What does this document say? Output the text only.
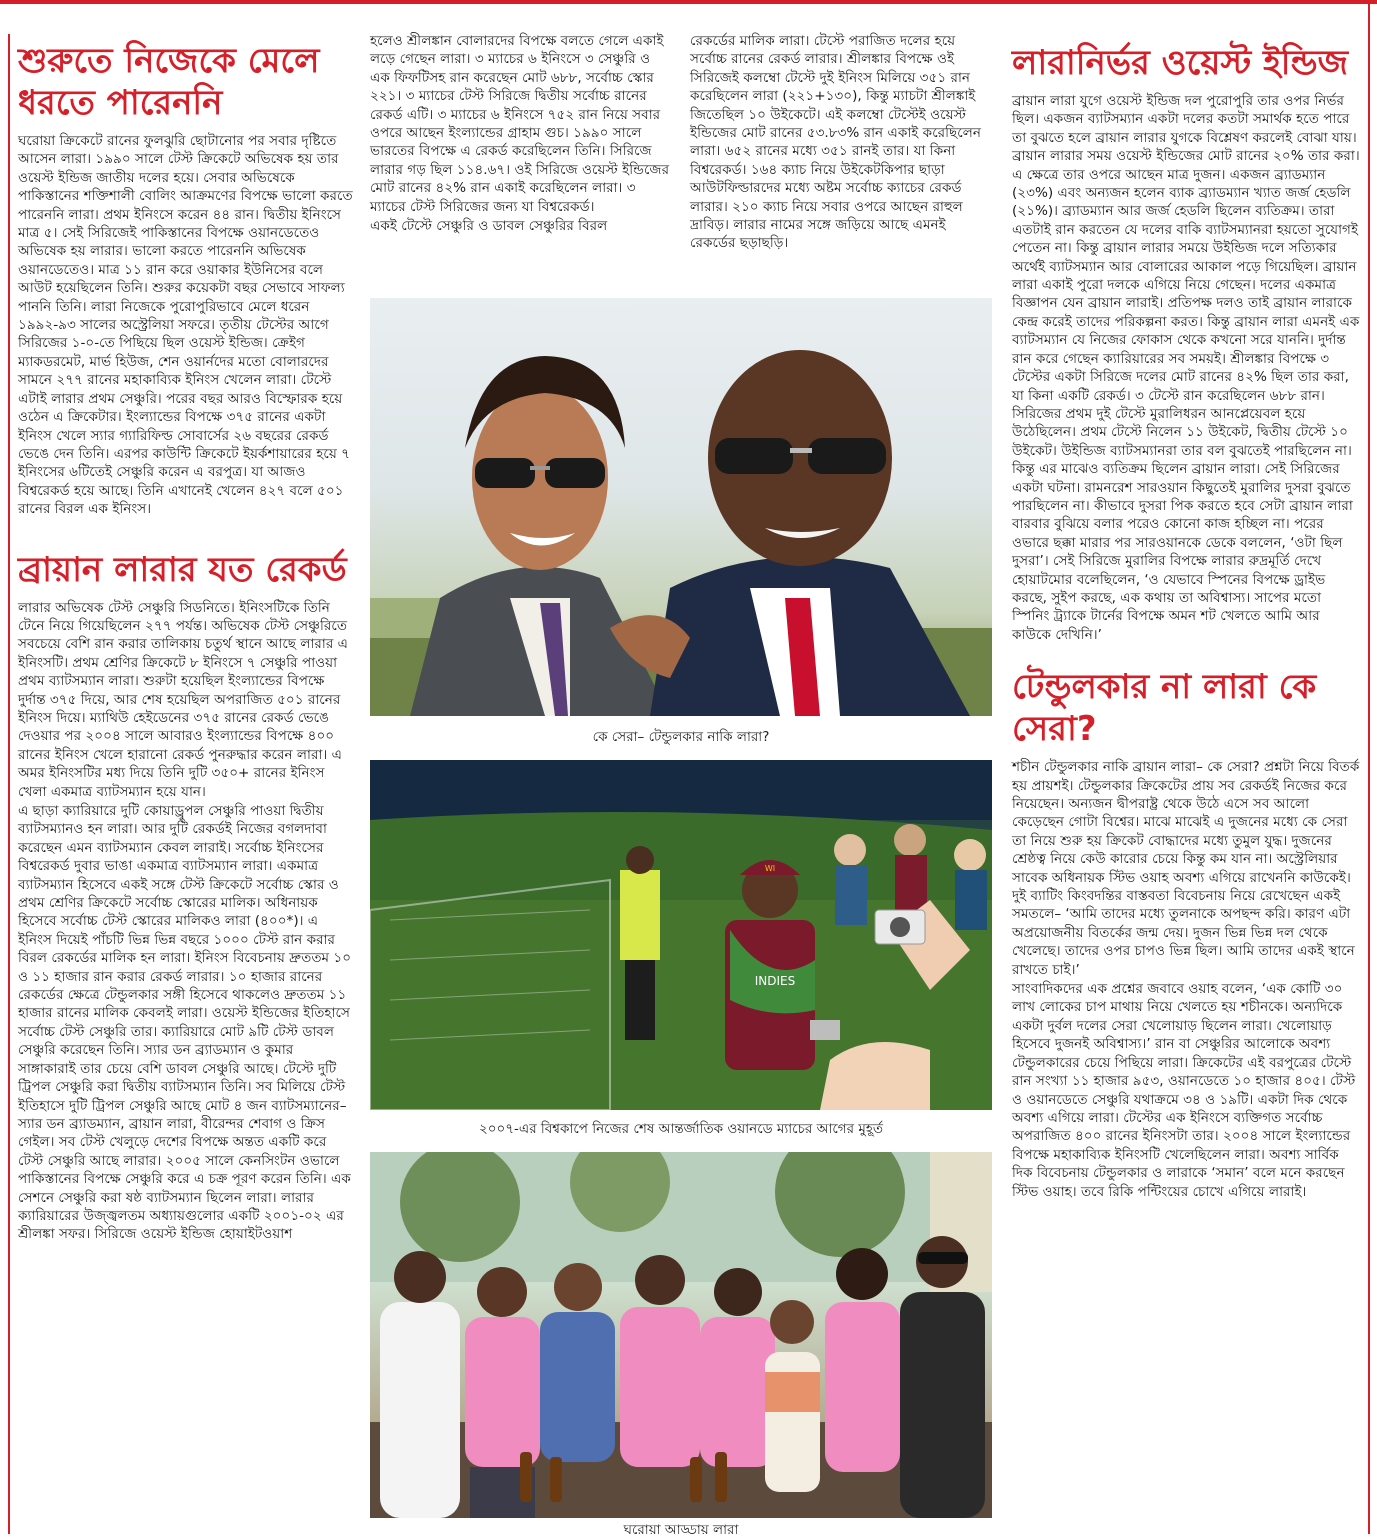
শুরুতে নিজেকে মেলে ধরতে পারেননি
ঘরোয়া ক্রিকেটে রানের ফুলঝুরি ছোটানোর পর সবার দৃষ্টিতে আসেন লারা। ১৯৯০ সালে টেস্ট ক্রিকেটে অভিষেক হয় তার ওয়েস্ট ইন্ডিজ জাতীয় দলের হয়ে। সেবার অভিষেকে পাকিস্তানের শক্তিশালী বোলিং আক্রমণের বিপক্ষে ভালো করতে পারেননি লারা। প্রথম ইনিংসে করেন ৪৪ রান। দ্বিতীয় ইনিংসে মাত্র ৫। সেই সিরিজেই পাকিস্তানের বিপক্ষে ওয়ানডেতেও অভিষেক হয় লারার। ভালো করতে পারেননি অভিষেক ওয়ানডেতেও। মাত্র ১১ রান করে ওয়াকার ইউনিসের বলে আউট হয়েছিলেন তিনি। শুরুর কয়েকটা বছর সেভাবে সাফল্য পাননি তিনি। লারা নিজেকে পুরোপুরিভাবে মেলে ধরেন ১৯৯২-৯৩ সালের অস্ট্রেলিয়া সফরে। তৃতীয় টেস্টের আগে সিরিজের ১-০-তে পিছিয়ে ছিল ওয়েস্ট ইন্ডিজ। ক্রেইগ ম্যাকডরমেট, মার্ভ হিউজ, শেন ওয়ার্নদের মতো বোলারদের সামনে ২৭৭ রানের মহাকাব্যিক ইনিংস খেলেন লারা। টেস্টে এটাই লারার প্রথম সেঞ্চুরি। পরের বছর আরও বিস্ফোরক হয়ে ওঠেন এ ক্রিকেটার। ইংল্যান্ডের বিপক্ষে ৩৭৫ রানের একটা ইনিংস খেলে স্যার গ্যারিফিল্ড সোবার্সের ২৬ বছরের রেকর্ড ভেঙে দেন তিনি। এরপর কাউন্টি ক্রিকেটে ইয়র্কশায়ারের হয়ে ৭ ইনিংসের ৬টিতেই সেঞ্চুরি করেন এ বরপুত্র। যা আজও বিশ্বরেকর্ড হয়ে আছে। তিনি এখানেই খেলেন ৪২৭ বলে ৫০১ রানের বিরল এক ইনিংস।
ব্রায়ান লারার যত রেকর্ড
লারার অভিষেক টেস্ট সেঞ্চুরি সিডনিতে। ইনিংসটিকে তিনি টেনে নিয়ে গিয়েছিলেন ২৭৭ পর্যন্ত। অভিষেক টেস্ট সেঞ্চুরিতে সবচেয়ে বেশি রান করার তালিকায় চতুর্থ স্থানে আছে লারার এ ইনিংসটি। প্রথম শ্রেণির ক্রিকেটে ৮ ইনিংসে ৭ সেঞ্চুরি পাওয়া প্রথম ব্যাটসম্যান লারা। শুরুটা হয়েছিল ইংল্যান্ডের বিপক্ষে দুর্দান্ত ৩৭৫ দিয়ে, আর শেষ হয়েছিল অপরাজিত ৫০১ রানের ইনিংস দিয়ে। ম্যাথিউ হেইডেনের ৩৭৫ রানের রেকর্ড ভেঙে দেওয়ার পর ২০০৪ সালে আবারও ইংল্যান্ডের বিপক্ষে ৪০০ রানের ইনিংস খেলে হারানো রেকর্ড পুনরুদ্ধার করেন লারা। এ অমর ইনিংসটির মধ্য দিয়ে তিনি দুটি ৩৫০+ রানের ইনিংস খেলা একমাত্র ব্যাটসম্যান হয়ে যান।
এ ছাড়া ক্যারিয়ারে দুটি কোয়াড্রুপল সেঞ্চুরি পাওয়া দ্বিতীয় ব্যাটসম্যানও হন লারা। আর দুটি রেকর্ডই নিজের বগলদাবা করেছেন এমন ব্যাটসম্যান কেবল লারাই। সর্বোচ্চ ইনিংসের বিশ্বরেকর্ড দুবার ভাঙা একমাত্র ব্যাটসম্যান লারা। একমাত্র ব্যাটসম্যান হিসেবে একই সঙ্গে টেস্ট ক্রিকেটে সর্বোচ্চ স্কোর ও প্রথম শ্রেণির ক্রিকেটে সর্বোচ্চ স্কোরের মালিক। অধিনায়ক হিসেবে সর্বোচ্চ টেস্ট স্কোরের মালিকও লারা (৪০০*)। এ ইনিংস দিয়েই পাঁচটি ভিন্ন ভিন্ন বছরে ১০০০ টেস্ট রান করার বিরল রেকর্ডের মালিক হন লারা। ইনিংস বিবেচনায় দ্রুততম ১০ ও ১১ হাজার রান করার রেকর্ড লারার। ১০ হাজার রানের রেকর্ডের ক্ষেত্রে টেন্ডুলকার সঙ্গী হিসেবে থাকলেও দ্রুততম ১১ হাজার রানের মালিক কেবলই লারা। ওয়েস্ট ইন্ডিজের ইতিহাসে সর্বোচ্চ টেস্ট সেঞ্চুরি তার। ক্যারিয়ারে মোট ৯টি টেস্ট ডাবল সেঞ্চুরি করেছেন তিনি। স্যার ডন ব্র্যাডম্যান ও কুমার সাঙ্গাকারাই তার চেয়ে বেশি ডাবল সেঞ্চুরি আছে। টেস্টে দুটি ট্রিপল সেঞ্চুরি করা দ্বিতীয় ব্যাটসম্যান তিনি। সব মিলিয়ে টেস্ট ইতিহাসে দুটি ট্রিপল সেঞ্চুরি আছে মোট ৪ জন ব্যাটসম্যানের– স্যার ডন ব্র্যাডম্যান, ব্রায়ান লারা, বীরেন্দর শেবাগ ও ক্রিস গেইল। সব টেস্ট খেলুড়ে দেশের বিপক্ষে অন্তত একটি করে টেস্ট সেঞ্চুরি আছে লারার। ২০০৫ সালে কেনসিংটন ওভালে পাকিস্তানের বিপক্ষে সেঞ্চুরি করে এ চক্র পূরণ করেন তিনি। এক সেশনে সেঞ্চুরি করা ষষ্ঠ ব্যাটসম্যান ছিলেন লারা। লারার ক্যারিয়ারের উজ্জ্বলতম অধ্যায়গুলোর একটি ২০০১-০২ এর শ্রীলঙ্কা সফর। সিরিজে ওয়েস্ট ইন্ডিজ হোয়াইটওয়াশ
হলেও শ্রীলঙ্কান বোলারদের বিপক্ষে বলতে গেলে একাই লড়ে গেছেন লারা। ৩ ম্যাচের ৬ ইনিংসে ৩ সেঞ্চুরি ও এক ফিফটিসহ রান করেছেন মোট ৬৮৮, সর্বোচ্চ স্কোর ২২১। ৩ ম্যাচের টেস্ট সিরিজে দ্বিতীয় সর্বোচ্চ রানের রেকর্ড এটি। ৩ ম্যাচের ৬ ইনিংসে ৭৫২ রান নিয়ে সবার ওপরে আছেন ইংল্যান্ডের গ্রাহাম গুচ। ১৯৯০ সালে ভারতের বিপক্ষে এ রেকর্ড করেছিলেন তিনি। সিরিজে লারার গড় ছিল ১১৪.৬৭। ওই সিরিজে ওয়েস্ট ইন্ডিজের মোট রানের ৪২% রান একাই করেছিলেন লারা। ৩ ম্যাচের টেস্ট সিরিজের জন্য যা বিশ্বরেকর্ড।
একই টেস্টে সেঞ্চুরি ও ডাবল সেঞ্চুরির বিরল
রেকর্ডের মালিক লারা। টেস্টে পরাজিত দলের হয়ে সর্বোচ্চ রানের রেকর্ড লারার। শ্রীলঙ্কার বিপক্ষে ওই সিরিজেই কলম্বো টেস্টে দুই ইনিংস মিলিয়ে ৩৫১ রান করেছিলেন লারা (২২১+১৩০), কিন্তু ম্যাচটা শ্রীলঙ্কাই জিতেছিল ১০ উইকেটে। এই কলম্বো টেস্টেই ওয়েস্ট ইন্ডিজের মোট রানের ৫৩.৮৩% রান একাই করেছিলেন লারা। ৬৫২ রানের মধ্যে ৩৫১ রানই তার। যা কিনা বিশ্বরেকর্ড। ১৬৪ ক্যাচ নিয়ে উইকেটকিপার ছাড়া আউটফিল্ডারদের মধ্যে অষ্টম সর্বোচ্চ ক্যাচের রেকর্ড লারার। ২১০ ক্যাচ নিয়ে সবার ওপরে আছেন রাহুল দ্রাবিড়। লারার নামের সঙ্গে জড়িয়ে আছে এমনই রেকর্ডের ছড়াছড়ি।
লারানির্ভর ওয়েস্ট ইন্ডিজ
ব্রায়ান লারা যুগে ওয়েস্ট ইন্ডিজ দল পুরোপুরি তার ওপর নির্ভর ছিল। একজন ব্যাটসম্যান একটা দলের কতটা সমার্থক হতে পারে তা বুঝতে হলে ব্রায়ান লারার যুগকে বিশ্লেষণ করলেই বোঝা যায়। ব্রায়ান লারার সময় ওয়েস্ট ইন্ডিজের মোট রানের ২০% তার করা। এ ক্ষেত্রে তার ওপরে আছেন মাত্র দুজন। একজন ব্র্যাডম্যান (২৩%) এবং অন্যজন হলেন ব্যাক ব্র্যাডম্যান খ্যাত জর্জ হেডলি (২১%)। ব্র্যাডম্যান আর জর্জ হেডলি ছিলেন ব্যতিক্রম। তারা এতটাই রান করতেন যে দলের বাকি ব্যাটসম্যানরা হয়তো সুযোগই পেতেন না। কিন্তু ব্রায়ান লারার সময়ে উইন্ডিজ দলে সত্যিকার অর্থেই ব্যাটসম্যান আর বোলারের আকাল পড়ে গিয়েছিল। ব্রায়ান লারা একাই পুরো দলকে এগিয়ে নিয়ে গেছেন। দলের একমাত্র বিজ্ঞাপন যেন ব্রায়ান লারাই। প্রতিপক্ষ দলও তাই ব্রায়ান লারাকে কেন্দ্র করেই তাদের পরিকল্পনা করত। কিন্তু ব্রায়ান লারা এমনই এক ব্যাটসম্যান যে নিজের ফোকাস থেকে কখনো সরে যাননি। দুর্দান্ত রান করে গেছেন ক্যারিয়ারের সব সময়ই। শ্রীলঙ্কার বিপক্ষে ৩ টেস্টের একটা সিরিজে দলের মোট রানের ৪২% ছিল তার করা, যা কিনা একটি রেকর্ড। ৩ টেস্টে রান করেছিলেন ৬৮৮ রান। সিরিজের প্রথম দুই টেস্টে মুরালিধরন আনপ্লেয়েবল হয়ে উঠেছিলেন। প্রথম টেস্টে নিলেন ১১ উইকেট, দ্বিতীয় টেস্টে ১০ উইকেট। উইন্ডিজ ব্যাটসম্যানরা তার বল বুঝতেই পারছিলেন না। কিন্তু এর মাঝেও ব্যতিক্রম ছিলেন ব্রায়ান লারা। সেই সিরিজের একটা ঘটনা। রামনরেশ সারওয়ান কিছুতেই মুরালির দুসরা বুঝতে পারছিলেন না। কীভাবে দুসরা পিক করতে হবে সেটা ব্রায়ান লারা বারবার বুঝিয়ে বলার পরেও কোনো কাজ হচ্ছিল না। পরের ওভারে ছক্কা মারার পর সারওয়ানকে ডেকে বললেন, ‘ওটা ছিল দুসরা’। সেই সিরিজে মুরালির বিপক্ষে লারার রুদ্রমূর্তি দেখে হোয়াটমোর বলেছিলেন, ‘ও যেভাবে স্পিনের বিপক্ষে ড্রাইভ করছে, সুইপ করছে, এক কথায় তা অবিশ্বাস্য। সাপের মতো স্পিনিং ট্র্যাকে টার্নের বিপক্ষে অমন শট খেলতে আমি আর কাউকে দেখিনি।’
টেন্ডুলকার না লারা কে সেরা?
শচীন টেন্ডুলকার নাকি ব্রায়ান লারা– কে সেরা? প্রশ্নটা নিয়ে বিতর্ক হয় প্রায়শই। টেন্ডুলকার ক্রিকেটের প্রায় সব রেকর্ডই নিজের করে নিয়েছেন। অন্যজন দ্বীপরাষ্ট্র থেকে উঠে এসে সব আলো কেড়েছেন গোটা বিশ্বের। মাঝে মাঝেই এ দুজনের মধ্যে কে সেরা তা নিয়ে শুরু হয় ক্রিকেট বোদ্ধাদের মধ্যে তুমুল যুদ্ধ। দুজনের শ্রেষ্ঠত্ব নিয়ে কেউ কারোর চেয়ে কিন্তু কম যান না। অস্ট্রেলিয়ার সাবেক অধিনায়ক স্টিভ ওয়াহ অবশ্য এগিয়ে রাখেননি কাউকেই। দুই ব্যাটিং কিংবদন্তির বাস্তবতা বিবেচনায় নিয়ে রেখেছেন একই সমতলে– ‘আমি তাদের মধ্যে তুলনাকে অপছন্দ করি। কারণ এটা অপ্রয়োজনীয় বিতর্কের জন্ম দেয়। দুজন ভিন্ন ভিন্ন দল থেকে খেলেছে। তাদের ওপর চাপও ভিন্ন ছিল। আমি তাদের একই স্থানে রাখতে চাই।’
সাংবাদিকদের এক প্রশ্নের জবাবে ওয়াহ বলেন, ‘এক কোটি ৩০ লাখ লোকের চাপ মাথায় নিয়ে খেলতে হয় শচীনকে। অন্যদিকে একটা দুর্বল দলের সেরা খেলোয়াড় ছিলেন লারা। খেলোয়াড় হিসেবে দুজনই অবিশ্বাস্য।’ রান বা সেঞ্চুরির আলোকে অবশ্য টেন্ডুলকারের চেয়ে পিছিয়ে লারা। ক্রিকেটের এই বরপুত্রের টেস্টে রান সংখ্যা ১১ হাজার ৯৫৩, ওয়ানডেতে ১০ হাজার ৪০৫। টেস্ট ও ওয়ানডেতে সেঞ্চুরি যথাক্রমে ৩৪ ও ১৯টি। একটা দিক থেকে অবশ্য এগিয়ে লারা। টেস্টের এক ইনিংসে ব্যক্তিগত সর্বোচ্চ অপরাজিত ৪০০ রানের ইনিংসটা তার। ২০০৪ সালে ইংল্যান্ডের বিপক্ষে মহাকাব্যিক ইনিংসটি খেলেছিলেন লারা। অবশ্য সার্বিক দিক বিবেচনায় টেন্ডুলকার ও লারাকে ‘সমান’ বলে মনে করছেন স্টিভ ওয়াহ। তবে রিকি পন্টিংয়ের চোখে এগিয়ে লারাই।
কে সেরা– টেন্ডুলকার নাকি লারা?
INDIES
WI
২০০৭-এর বিশ্বকাপে নিজের শেষ আন্তর্জাতিক ওয়ানডে ম্যাচের আগের মুহূর্ত
ঘরোয়া আড্ডায় লারা
